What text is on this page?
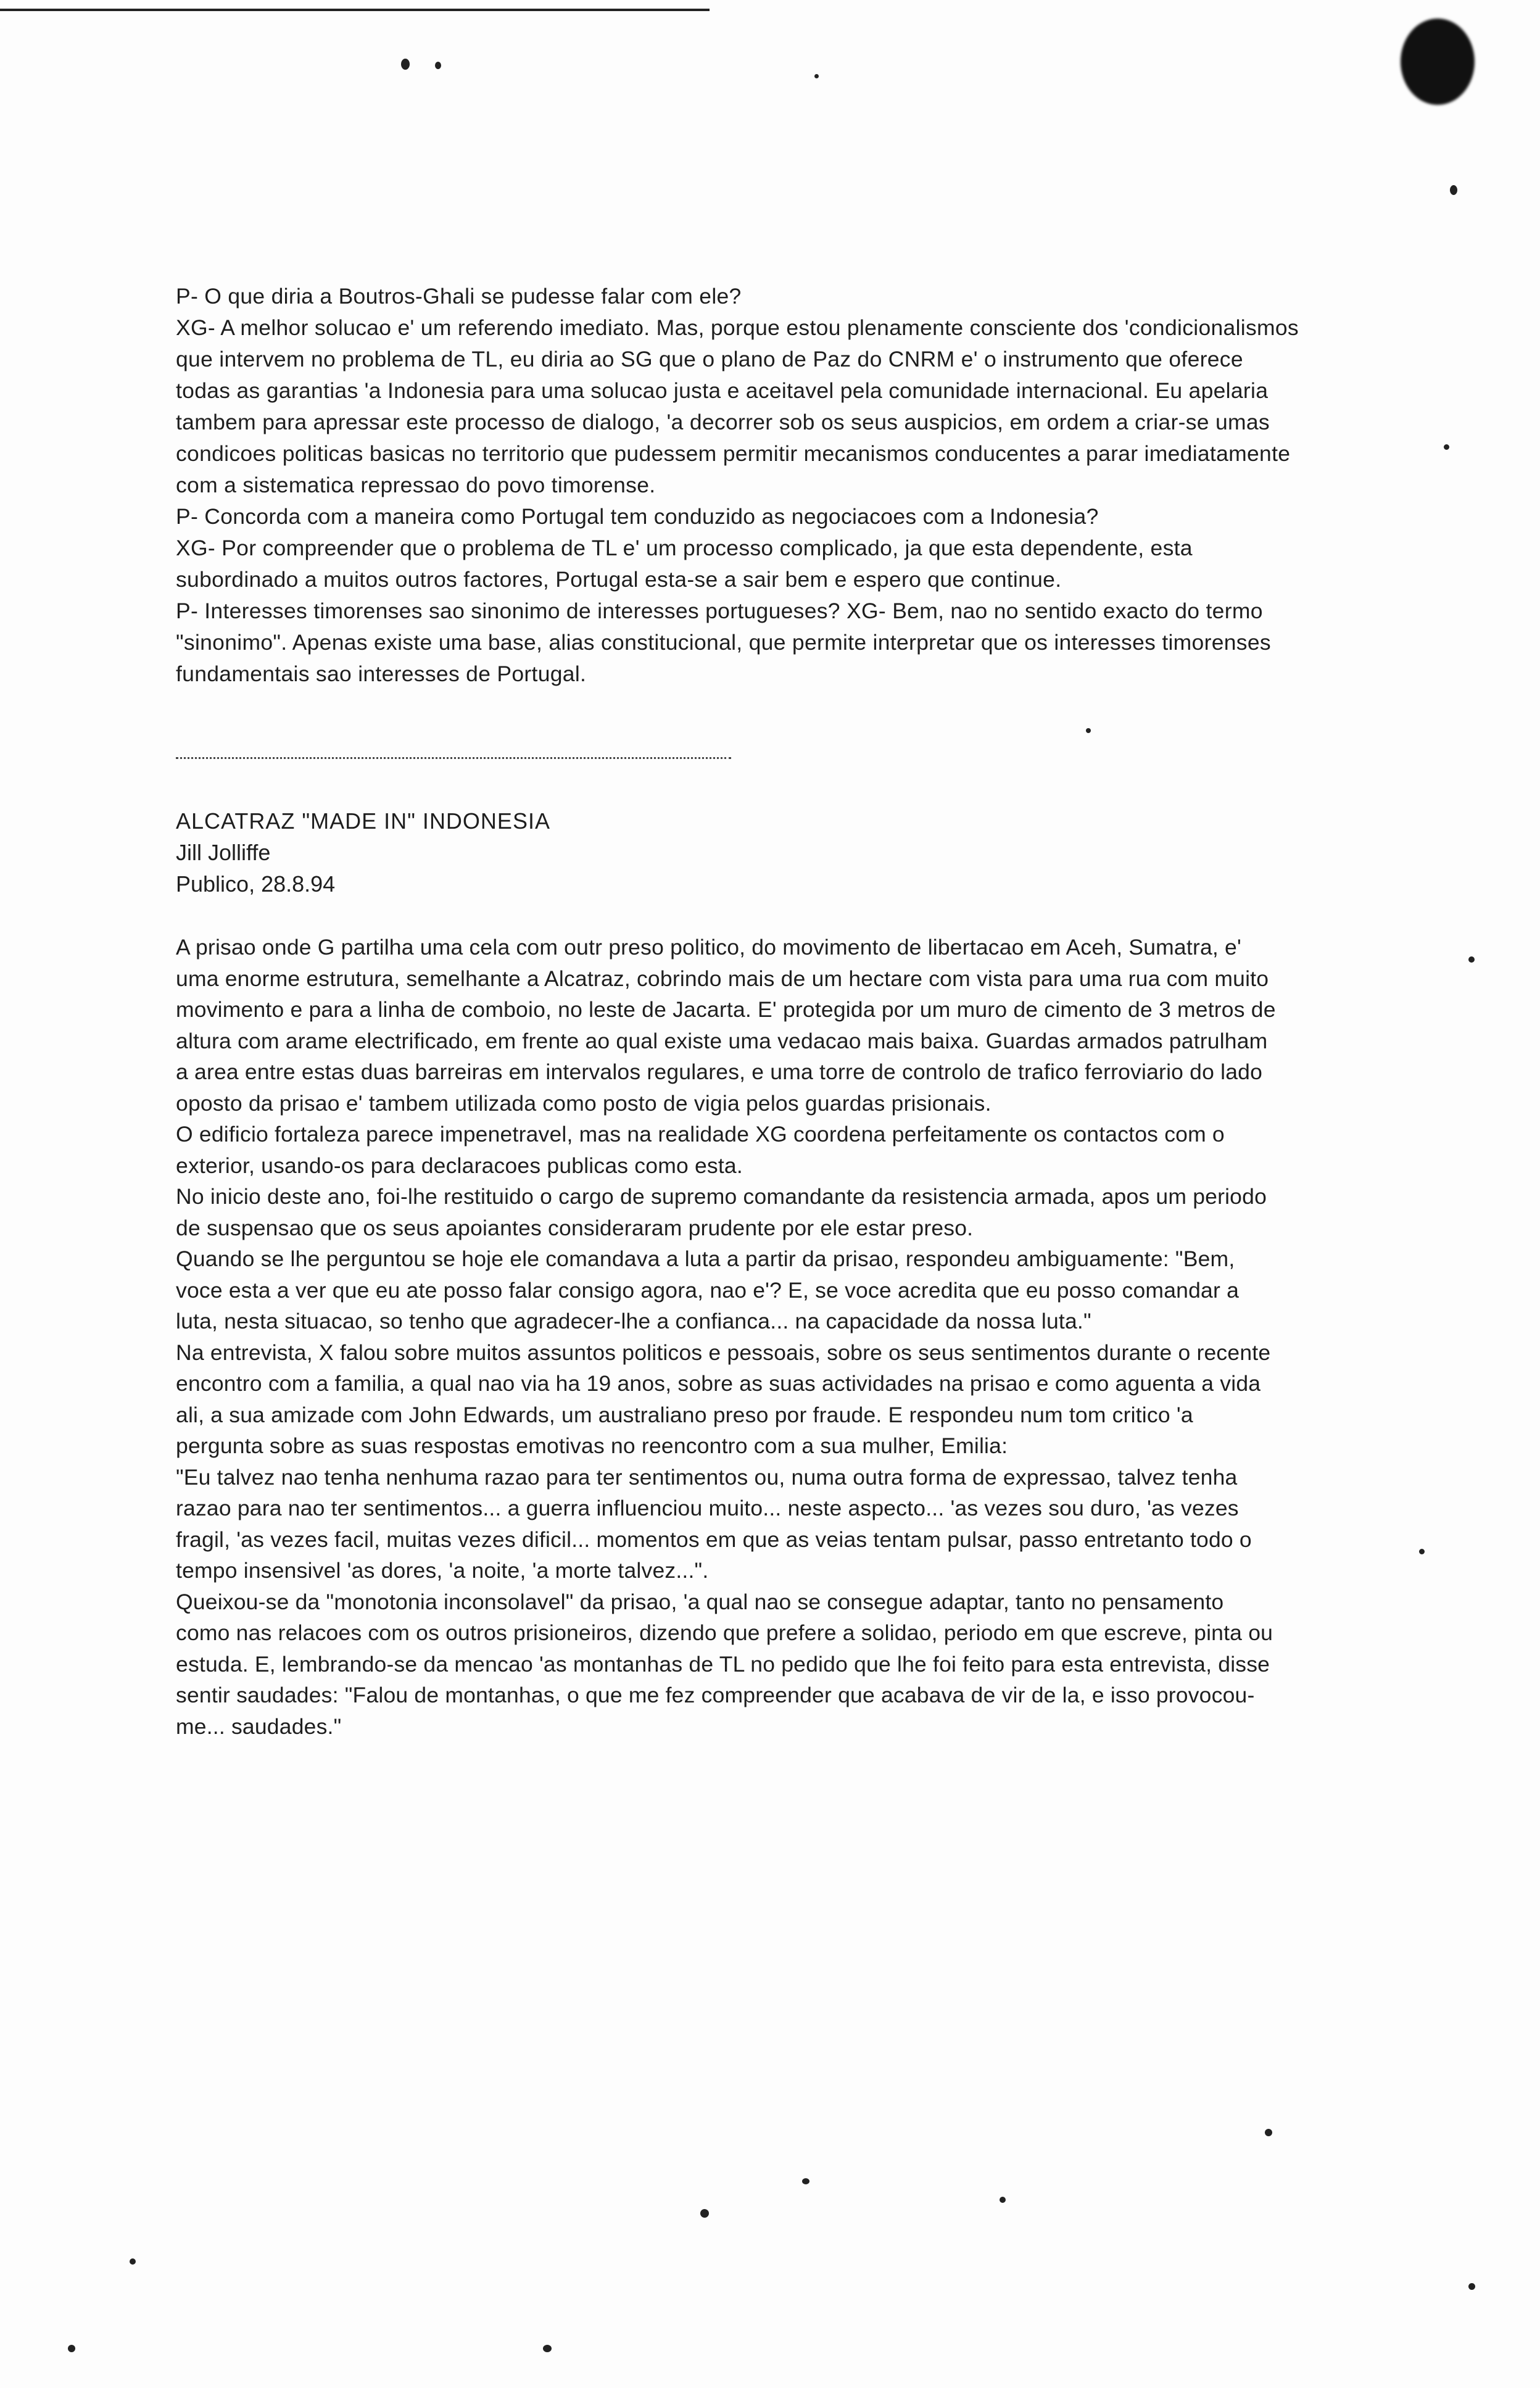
P- O que diria a Boutros-Ghali se pudesse falar com ele?

XG- A melhor solucao e' um referendo imediato. Mas, porque estou plenamente consciente dos 'condicionalismos que intervem no problema de TL, eu diria ao SG que o plano de Paz do CNRM e' o instrumento que oferece todas as garantias 'a Indonesia para uma solucao justa e aceitavel pela comunidade internacional. Eu apelaria tambem para apressar este processo de dialogo, 'a decorrer sob os seus auspicios, em ordem a criar-se umas condicoes politicas basicas no territorio que pudessem permitir mecanismos conducentes a parar imediatamente com a sistematica repressao do povo timorense.

P- Concorda com a maneira como Portugal tem conduzido as negociacoes com a Indonesia?

XG- Por compreender que o problema de TL e' um processo complicado, ja que esta dependente, esta subordinado a muitos outros factores, Portugal esta-se a sair bem e espero que continue.

P- Interesses timorenses sao sinonimo de interesses portugueses? XG- Bem, nao no sentido exacto do termo "sinonimo". Apenas existe uma base, alias constitucional, que permite interpretar que os interesses timorenses fundamentais sao interesses de Portugal.

ALCATRAZ "MADE IN" INDONESIA
Jill Jolliffe
Publico, 28.8.94

A prisao onde G partilha uma cela com outr preso politico, do movimento de libertacao em Aceh, Sumatra, e' uma enorme estrutura, semelhante a Alcatraz, cobrindo mais de um hectare com vista para uma rua com muito movimento e para a linha de comboio, no leste de Jacarta. E' protegida por um muro de cimento de 3 metros de altura com arame electrificado, em frente ao qual existe uma vedacao mais baixa. Guardas armados patrulham a area entre estas duas barreiras em intervalos regulares, e uma torre de controlo de trafico ferroviario do lado oposto da prisao e' tambem utilizada como posto de vigia pelos guardas prisionais.

O edificio fortaleza parece impenetravel, mas na realidade XG coordena perfeitamente os contactos com o exterior, usando-os para declaracoes publicas como esta.

No inicio deste ano, foi-lhe restituido o cargo de supremo comandante da resistencia armada, apos um periodo de suspensao que os seus apoiantes consideraram prudente por ele estar preso.

Quando se lhe perguntou se hoje ele comandava a luta a partir da prisao, respondeu ambiguamente: "Bem, voce esta a ver que eu ate posso falar consigo agora, nao e'? E, se voce acredita que eu posso comandar a luta, nesta situacao, so tenho que agradecer-lhe a confianca... na capacidade da nossa luta."

Na entrevista, X falou sobre muitos assuntos politicos e pessoais, sobre os seus sentimentos durante o recente encontro com a familia, a qual nao via ha 19 anos, sobre as suas actividades na prisao e como aguenta a vida ali, a sua amizade com John Edwards, um australiano preso por fraude. E respondeu num tom critico 'a pergunta sobre as suas respostas emotivas no reencontro com a sua mulher, Emilia:

"Eu talvez nao tenha nenhuma razao para ter sentimentos ou, numa outra forma de expressao, talvez tenha razao para nao ter sentimentos... a guerra influenciou muito... neste aspecto... 'as vezes sou duro, 'as vezes fragil, 'as vezes facil, muitas vezes dificil... momentos em que as veias tentam pulsar, passo entretanto todo o tempo insensivel 'as dores, 'a noite, 'a morte talvez...".

Queixou-se da "monotonia inconsolavel" da prisao, 'a qual nao se consegue adaptar, tanto no pensamento como nas relacoes com os outros prisioneiros, dizendo que prefere a solidao, periodo em que escreve, pinta ou estuda. E, lembrando-se da mencao 'as montanhas de TL no pedido que lhe foi feito para esta entrevista, disse sentir saudades: "Falou de montanhas, o que me fez compreender que acabava de vir de la, e isso provocou-me... saudades."
